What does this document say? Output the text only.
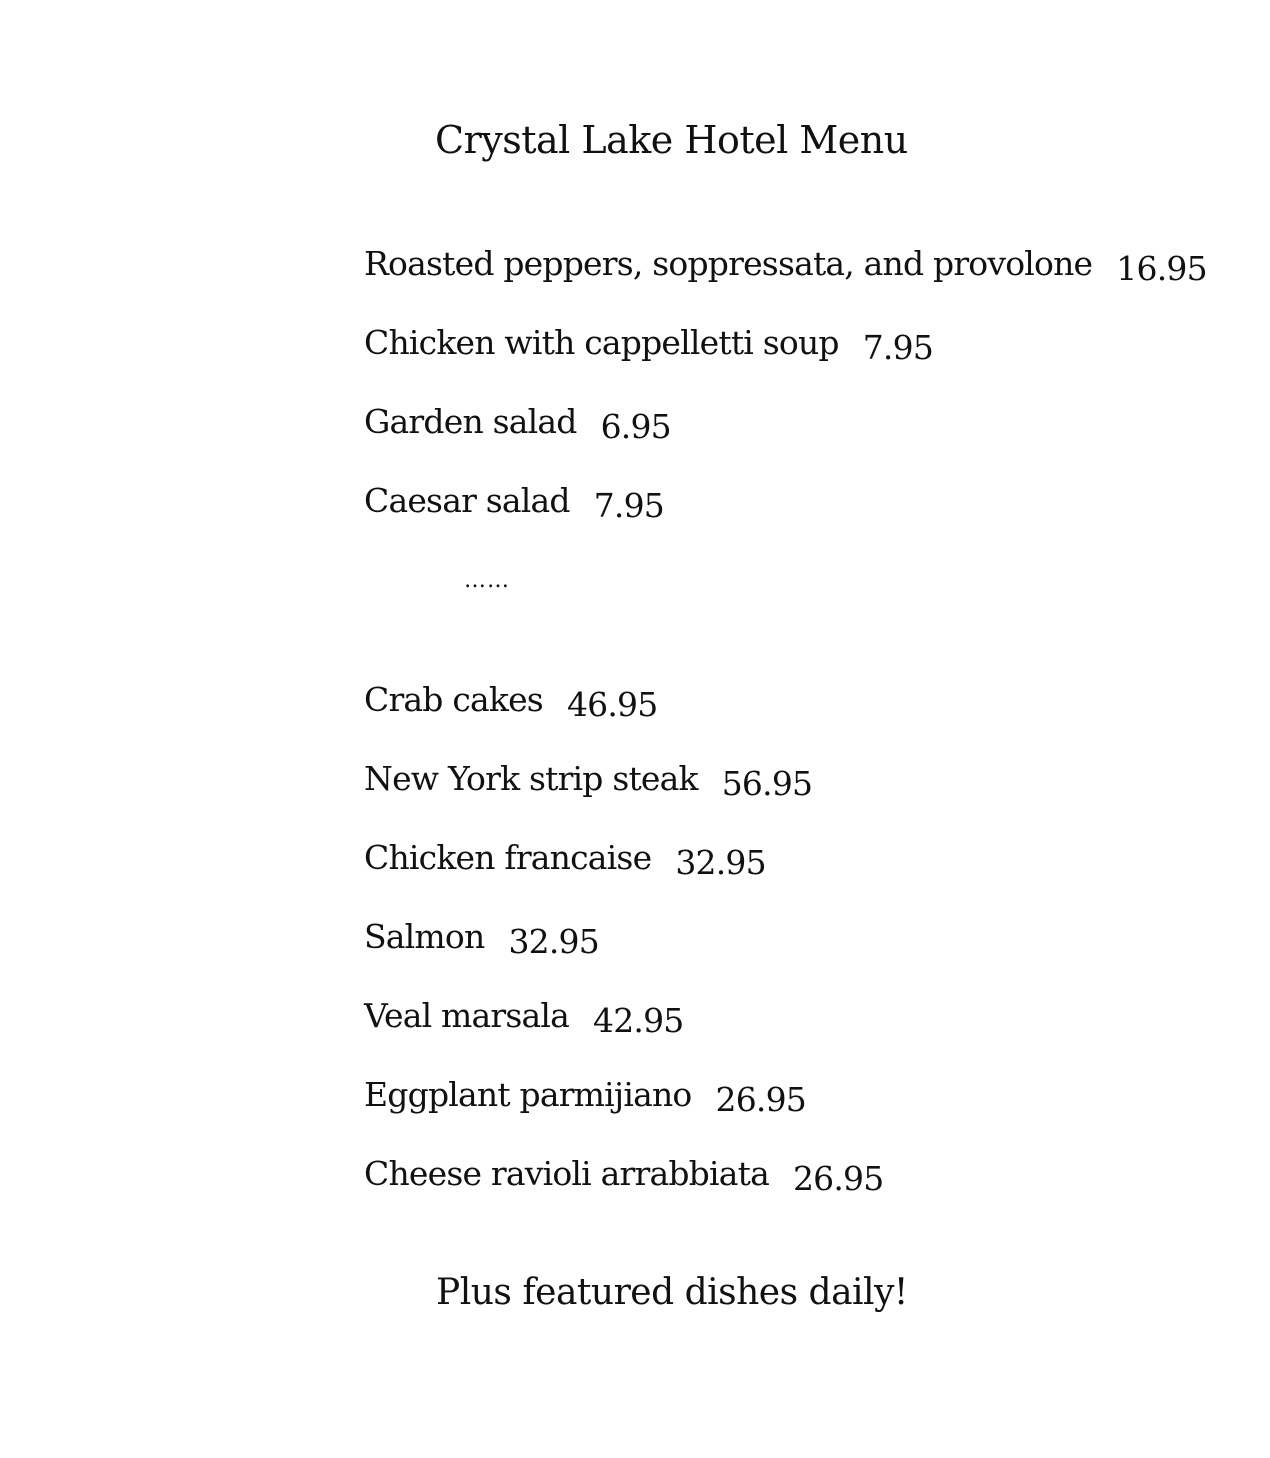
Crystal Lake Hotel Menu
Roasted peppers, soppressata, and provolone 16.95
Chicken with cappelletti soup 7.95
Garden salad 6.95
Caesar salad 7.95
……
Crab cakes 46.95
New York strip steak 56.95
Chicken francaise 32.95
Salmon 32.95
Veal marsala 42.95
Eggplant parmijiano 26.95
Cheese ravioli arrabbiata 26.95
Plus featured dishes daily!
